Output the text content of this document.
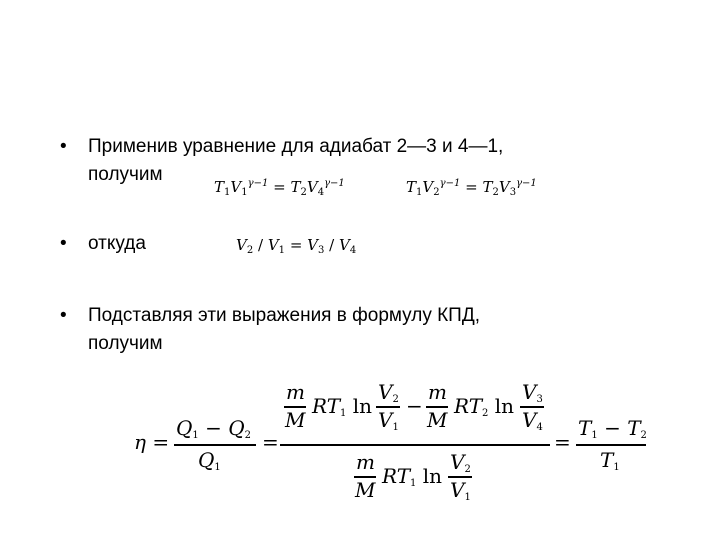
•	Применив уравнение для адиабат 2—3 и 4—1,
получим
$T_1V_1^{\gamma-1} = T_2V_4^{\gamma-1}$	$T_1V_2^{\gamma-1} = T_2V_3^{\gamma-1}$
•	откуда	$V_2 / V_1 = V_3 / V_4$
•	Подставляя эти выражения в формулу КПД,
получим
η =
$Q_1 - Q_2$
$Q_1$
=
m
M
$RT_1$ ln
$V_2$
$V_1$
−
m
M
$RT_2$ ln
$V_3$
$V_4$
m
M
$RT_1$ ln
$V_2$
$V_1$
=
$T_1 - T_2$
$T_1$
